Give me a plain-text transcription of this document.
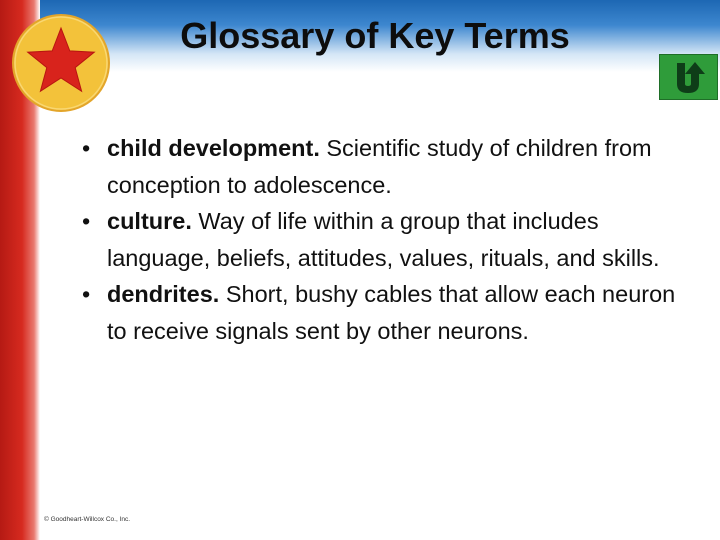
Glossary of Key Terms
• child development. Scientific study of children from conception to adolescence.
• culture. Way of life within a group that includes language, beliefs, attitudes, values, rituals, and skills.
• dendrites. Short, bushy cables that allow each neuron to receive signals sent by other neurons.
© Goodheart-Willcox Co., Inc.
